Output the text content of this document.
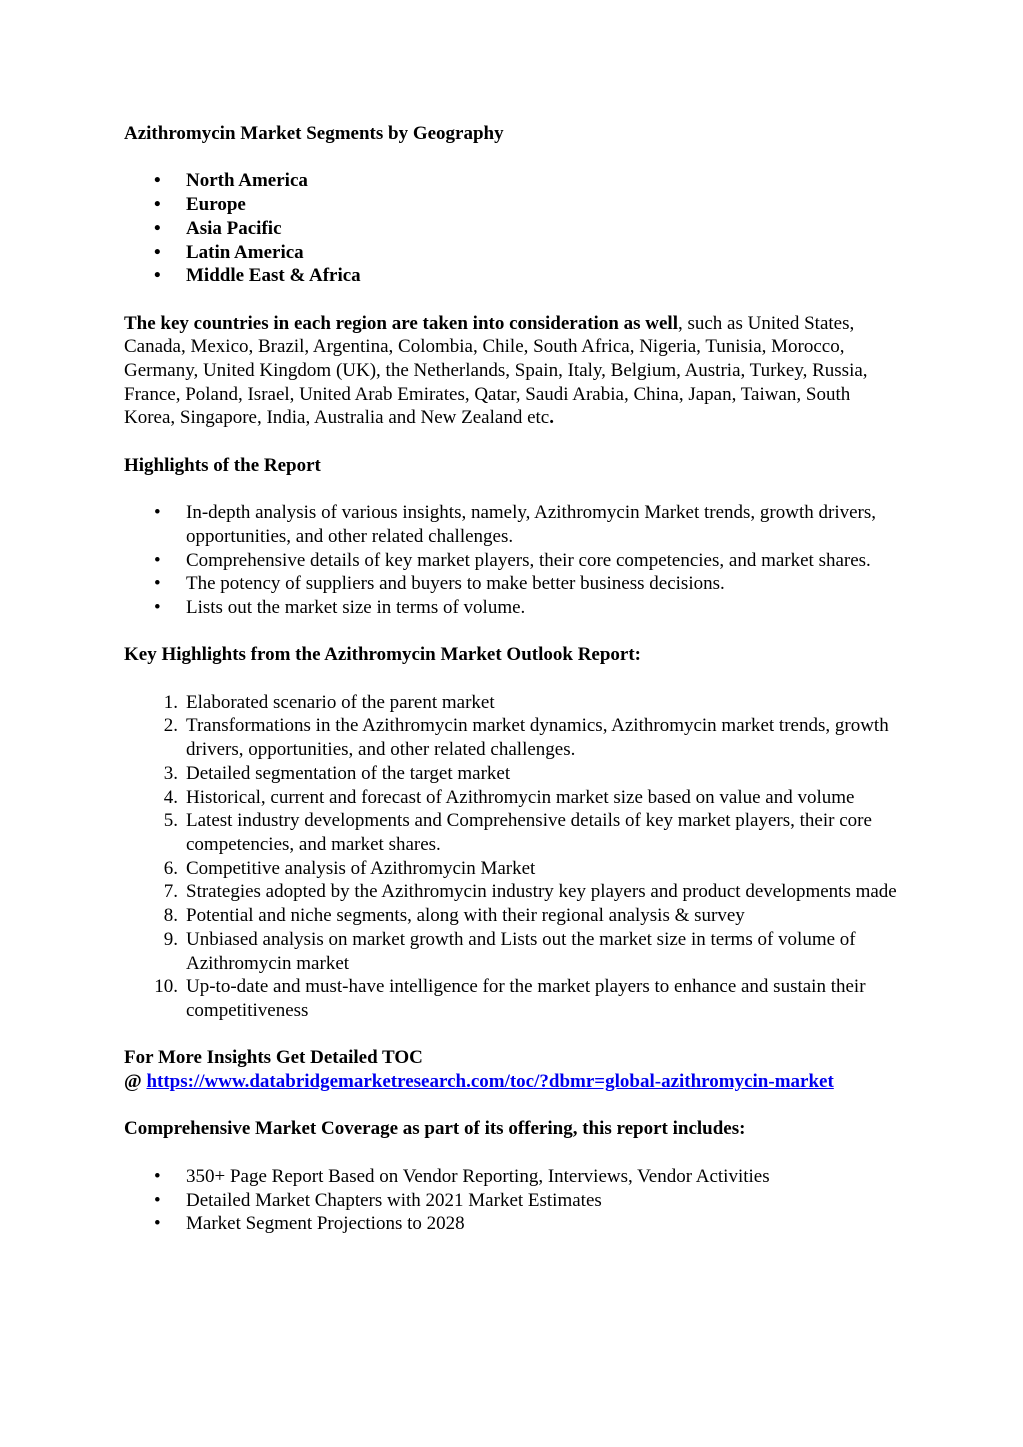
Azithromycin Market Segments by Geography

• North America
• Europe
• Asia Pacific
• Latin America
• Middle East & Africa

The key countries in each region are taken into consideration as well, such as United States, Canada, Mexico, Brazil, Argentina, Colombia, Chile, South Africa, Nigeria, Tunisia, Morocco, Germany, United Kingdom (UK), the Netherlands, Spain, Italy, Belgium, Austria, Turkey, Russia, France, Poland, Israel, United Arab Emirates, Qatar, Saudi Arabia, China, Japan, Taiwan, South Korea, Singapore, India, Australia and New Zealand etc.

Highlights of the Report

• In-depth analysis of various insights, namely, Azithromycin Market trends, growth drivers, opportunities, and other related challenges.
• Comprehensive details of key market players, their core competencies, and market shares.
• The potency of suppliers and buyers to make better business decisions.
• Lists out the market size in terms of volume.

Key Highlights from the Azithromycin Market Outlook Report:

1. Elaborated scenario of the parent market
2. Transformations in the Azithromycin market dynamics, Azithromycin market trends, growth drivers, opportunities, and other related challenges.
3. Detailed segmentation of the target market
4. Historical, current and forecast of Azithromycin market size based on value and volume
5. Latest industry developments and Comprehensive details of key market players, their core competencies, and market shares.
6. Competitive analysis of Azithromycin Market
7. Strategies adopted by the Azithromycin industry key players and product developments made
8. Potential and niche segments, along with their regional analysis & survey
9. Unbiased analysis on market growth and Lists out the market size in terms of volume of Azithromycin market
10. Up-to-date and must-have intelligence for the market players to enhance and sustain their competitiveness

For More Insights Get Detailed TOC

@ https://www.databridgemarketresearch.com/toc/?dbmr=global-azithromycin-market

Comprehensive Market Coverage as part of its offering, this report includes:

• 350+ Page Report Based on Vendor Reporting, Interviews, Vendor Activities
• Detailed Market Chapters with 2021 Market Estimates
• Market Segment Projections to 2028
